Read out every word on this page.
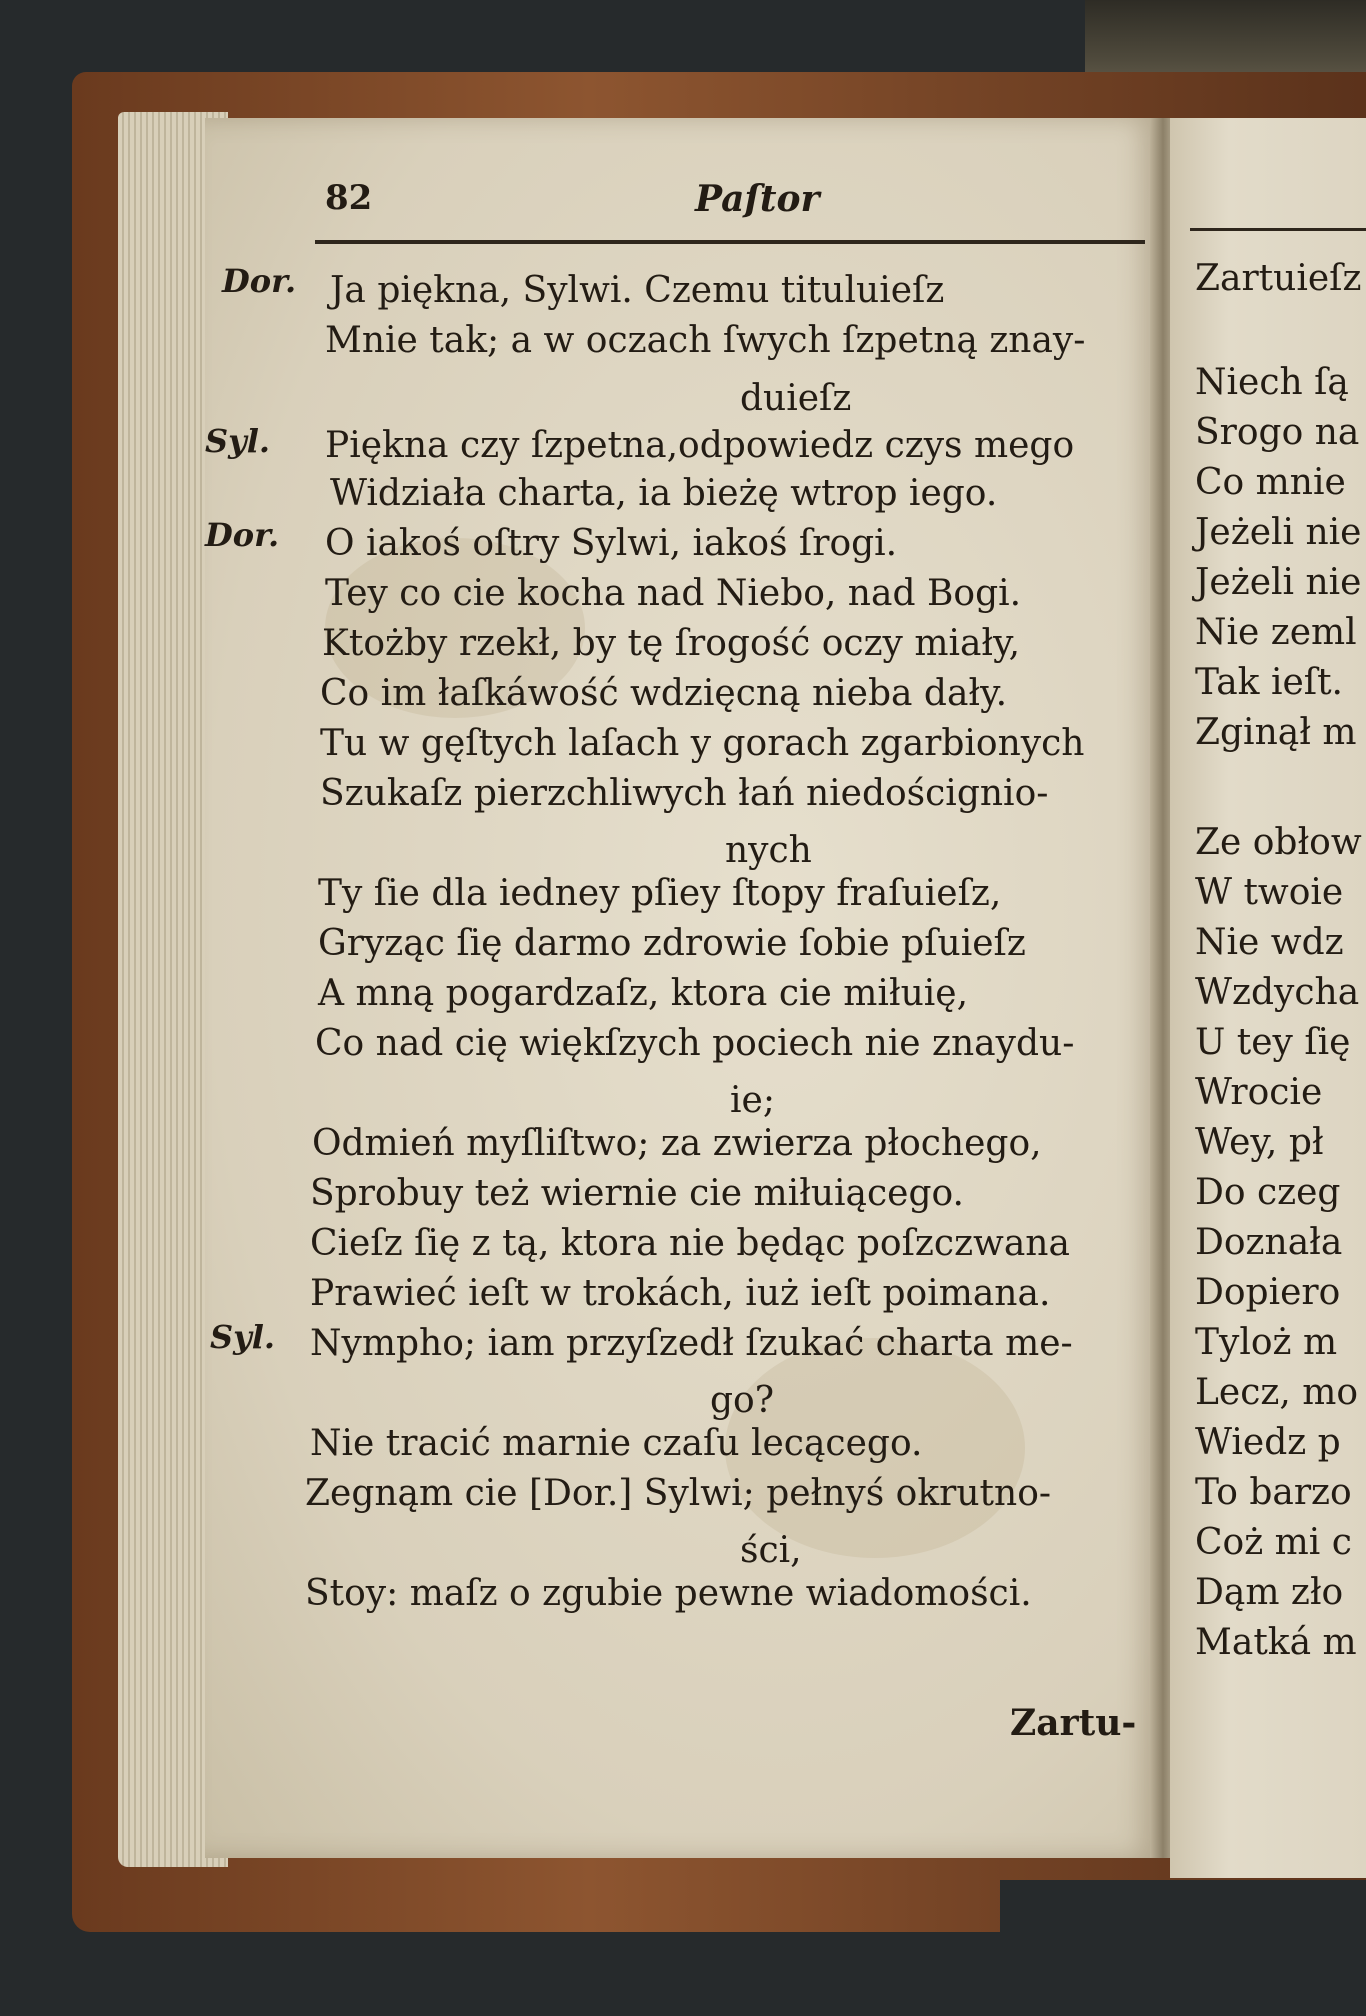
82	Paſtor
Dor. Ja piękna, Sylwi. Czemu tituluieſz
Mnie tak; a w oczach ſwych ſzpetną znay-
duieſz
Syl. Piękna czy ſzpetna,odpowiedz czys mego
Widziała charta, ia bieżę wtrop iego.
Dor. O iakoś oſtry Sylwi, iakoś ſrogi.
Tey co cie kocha nad Niebo, nad Bogi.
Ktożby rzekł, by tę ſrogość oczy miały,
Co im łaſkáwość wdzięcną nieba dały.
Tu w gęſtych laſach y gorach zgarbionych
Szukaſz pierzchliwych łań niedoścignio-
nych
Ty ſie dla iedney pſiey ſtopy fraſuieſz,
Gryząc ſię darmo zdrowie ſobie pſuieſz
A mną pogardzaſz, ktora cie miłuię,
Co nad cię więkſzych pociech nie znaydu-
ie;
Odmień myſliſtwo; za zwierza płochego,
Sprobuy też wiernie cie miłuiącego.
Cieſz ſię z tą, ktora nie będąc poſzczwana
Prawieć ieſt w trokách, iuż ieſt poimana.
Syl. Nympho; iam przyſzedł ſzukać charta me-
go?
Nie tracić marnie czaſu lecącego.
Zegnąm cie [Dor.] Sylwi; pełnyś okrutno-
ści,
Stoy: maſz o zgubie pewne wiadomości.
Zartu-
Zartuieſz
Niech ſą
Srogo na
Co mnie
Jeżeli nie
Jeżeli nie
Nie zeml
Tak ieſt.
Zginął m
Ze obłow
W twoie
Nie wdz
Wzdycha
U tey ſię
Wrocie
Wey, pł
Do czeg
Doznała
Dopiero
Tyloż m
Lecz, mo
Wiedz p
To barzo
Coż mi c
Dąm zło
Matká m
